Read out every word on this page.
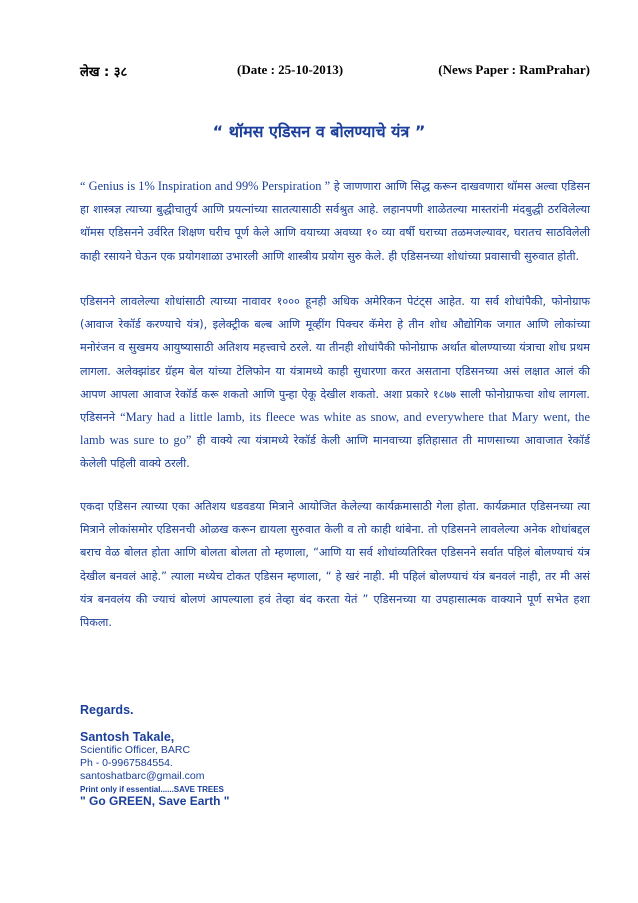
लेख : ३८	(Date : 25-10-2013)	(News Paper : RamPrahar)
“ थॉमस एडिसन व बोलण्याचे यंत्र ”
“ Genius is 1% Inspiration and 99% Perspiration ” हे जाणणारा आणि सिद्ध करून दाखवणारा थॉमस अल्वा एडिसन हा शास्त्रज्ञ त्याच्या बुद्धीचातुर्य आणि प्रयत्नांच्या सातत्यासाठी सर्वश्रुत आहे. लहानपणी शाळेतल्या मास्तरांनी मंदबुद्धी ठरविलेल्या थॉमस एडिसनने उर्वरित शिक्षण घरीच पूर्ण केले आणि वयाच्या अवघ्या १० व्या वर्षी घराच्या तळमजल्यावर, घरातच साठविलेली काही रसायने घेऊन एक प्रयोगशाळा उभारली आणि शास्त्रीय प्रयोग सुरु केले. ही एडिसनच्या शोधांच्या प्रवासाची सुरुवात होती.
एडिसनने लावलेल्या शोधांसाठी त्याच्या नावावर १००० हूनही अधिक अमेरिकन पेटंट्स आहेत. या सर्व शोधांपैकी, फोनोग्राफ (आवाज रेकॉर्ड करण्याचे यंत्र), इलेक्ट्रीक बल्ब आणि मूव्हींग पिक्चर कॅमेरा हे तीन शोध औद्योगिक जगात आणि लोकांच्या मनोरंजन व सुखमय आयुष्यासाठी अतिशय महत्त्वाचे ठरले. या तीनही शोधांपैकी फोनोग्राफ अर्थात बोलण्याच्या यंत्राचा शोध प्रथम लागला. अलेक्झांडर ग्रॅहम बेल यांच्या टेलिफोन या यंत्रामध्ये काही सुधारणा करत असताना एडिसनच्या असं लक्षात आलं की आपण आपला आवाज रेकॉर्ड करू शकतो आणि पुन्हा ऐकू देखील शकतो. अशा प्रकारे १८७७ साली फोनोग्राफचा शोध लागला. एडिसनने “Mary had a little lamb, its fleece was white as snow, and everywhere that Mary went, the lamb was sure to go” ही वाक्ये त्या यंत्रामध्ये रेकॉर्ड केली आणि मानवाच्या इतिहासात ती माणसाच्या आवाजात रेकॉर्ड केलेली पहिली वाक्ये ठरली.
एकदा एडिसन त्याच्या एका अतिशय धडवडया मित्राने आयोजित केलेल्या कार्यक्रमासाठी गेला होता. कार्यक्रमात एडिसनच्या त्या मित्राने लोकांसमोर एडिसनची ओळख करून द्यायला सुरुवात केली व तो काही थांबेना. तो एडिसनने लावलेल्या अनेक शोधांबद्दल बराच वेळ बोलत होता आणि बोलता बोलता तो म्हणाला, “आणि या सर्व शोधांव्यतिरिक्त एडिसनने सर्वात पहिलं बोलण्याचं यंत्र देखील बनवलं आहे.” त्याला मध्येच टोकत एडिसन म्हणाला, “ हे खरं नाही. मी पहिलं बोलण्याचं यंत्र बनवलं नाही, तर मी असं यंत्र बनवलंय की ज्याचं बोलणं आपल्याला हवं तेव्हा बंद करता येतं ” एडिसनच्या या उपहासात्मक वाक्याने पूर्ण सभेत हशा पिकला.
Regards.
Santosh Takale,
Scientific Officer, BARC
Ph - 0-9967584554.
santoshatbarc@gmail.com
Print only if essential......SAVE TREES
" Go GREEN, Save Earth "
